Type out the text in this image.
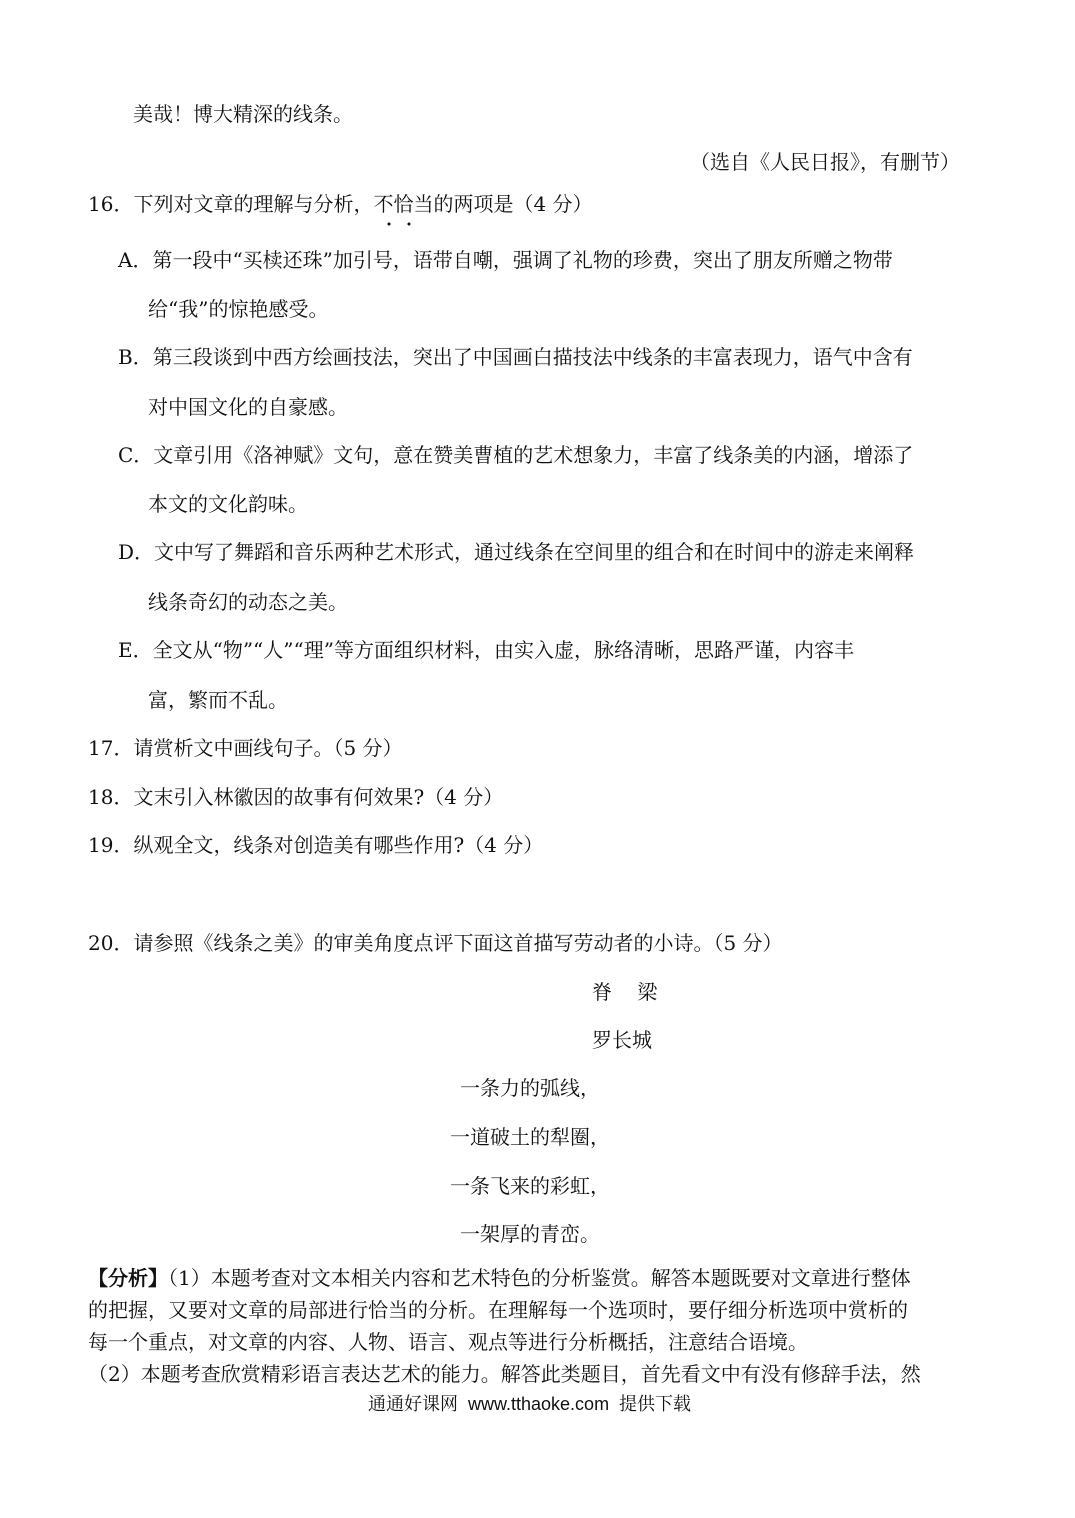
美哉！博大精深的线条。
（选自《人民日报》，有删节）
16．下列对文章的理解与分析，不恰当的两项是（4 分）
A．第一段中“买椟还珠”加引号，语带自嘲，强调了礼物的珍费，突出了朋友所赠之物带
给“我”的惊艳感受。
B．第三段谈到中西方绘画技法，突出了中国画白描技法中线条的丰富表现力，语气中含有
对中国文化的自豪感。
C．文章引用《洛神赋》文句，意在赞美曹植的艺术想象力，丰富了线条美的内涵，增添了
本文的文化韵味。
D．文中写了舞蹈和音乐两种艺术形式，通过线条在空间里的组合和在时间中的游走来阐释
线条奇幻的动态之美。
E．全文从“物”“人”“理”等方面组织材料，由实入虚，脉络清晰，思路严谨，内容丰
富，繁而不乱。
17．请赏析文中画线句子。（5 分）
18．文末引入林徽因的故事有何效果?（4 分）
19．纵观全文，线条对创造美有哪些作用?（4 分）
20．请参照《线条之美》的审美角度点评下面这首描写劳动者的小诗。（5 分）
脊    梁
罗长城
一条力的弧线，
一道破土的犁圈，
一条飞来的彩虹，
一架厚的青峦。
【分析】（1）本题考查对文本相关内容和艺术特色的分析鉴赏。解答本题既要对文章进行整体
的把握，又要对文章的局部进行恰当的分析。在理解每一个选项时，要仔细分析选项中赏析的
每一个重点，对文章的内容、人物、语言、观点等进行分析概括，注意结合语境。
（2）本题考查欣赏精彩语言表达艺术的能力。解答此类题目，首先看文中有没有修辞手法，然
通通好课网  www.tthaoke.com  提供下载
